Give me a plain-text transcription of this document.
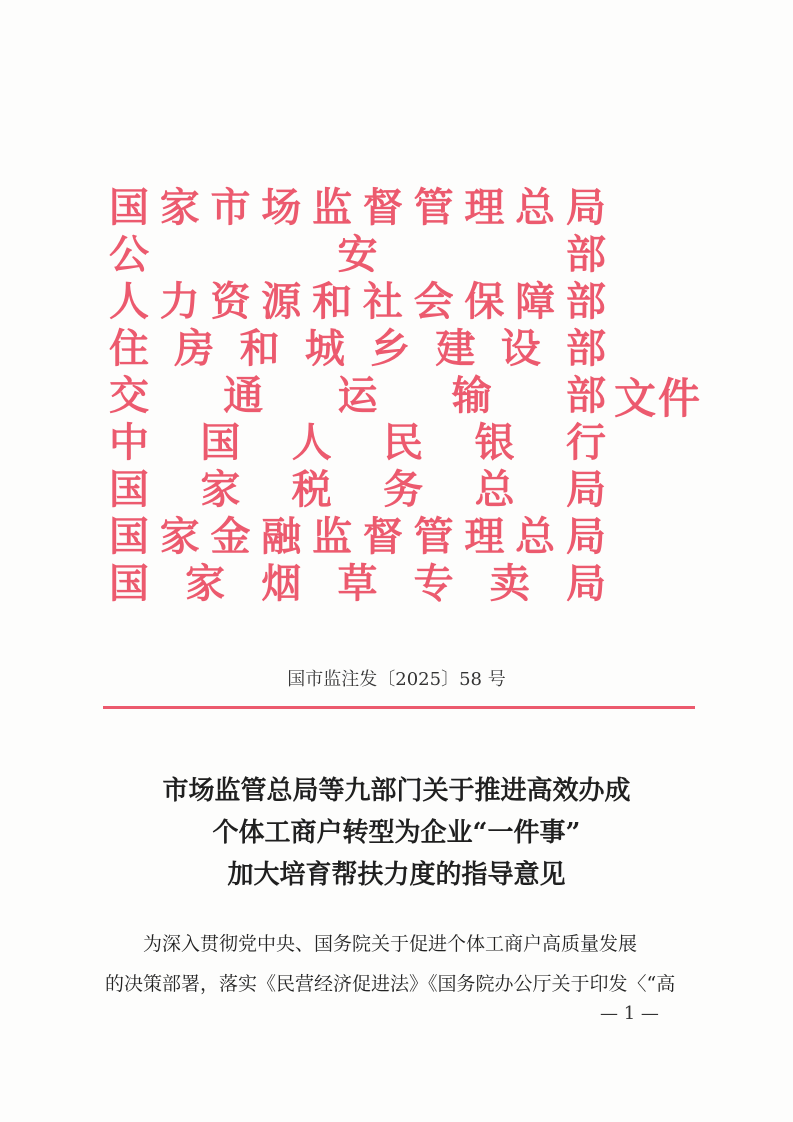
国 家 市 场 监 督 管 理 总 局
公	安	部
人 力 资 源 和 社 会 保 障 部
住 房 和 城 乡 建 设 部
交 通 运 输 部
中 国 人 民 银 行
国 家 税 务 总 局
国 家 金 融 监 督 管 理 总 局
国 家 烟 草 专 卖 局
文件
国市监注发〔2025〕58 号
市场监管总局等九部门关于推进高效办成
个体工商户转型为企业“一件事”
加大培育帮扶力度的指导意见

为深入贯彻党中央、国务院关于促进个体工商户高质量发展

的决策部署，落实《民营经济促进法》《国务院办公厅关于印发〈“高

— 1 —
